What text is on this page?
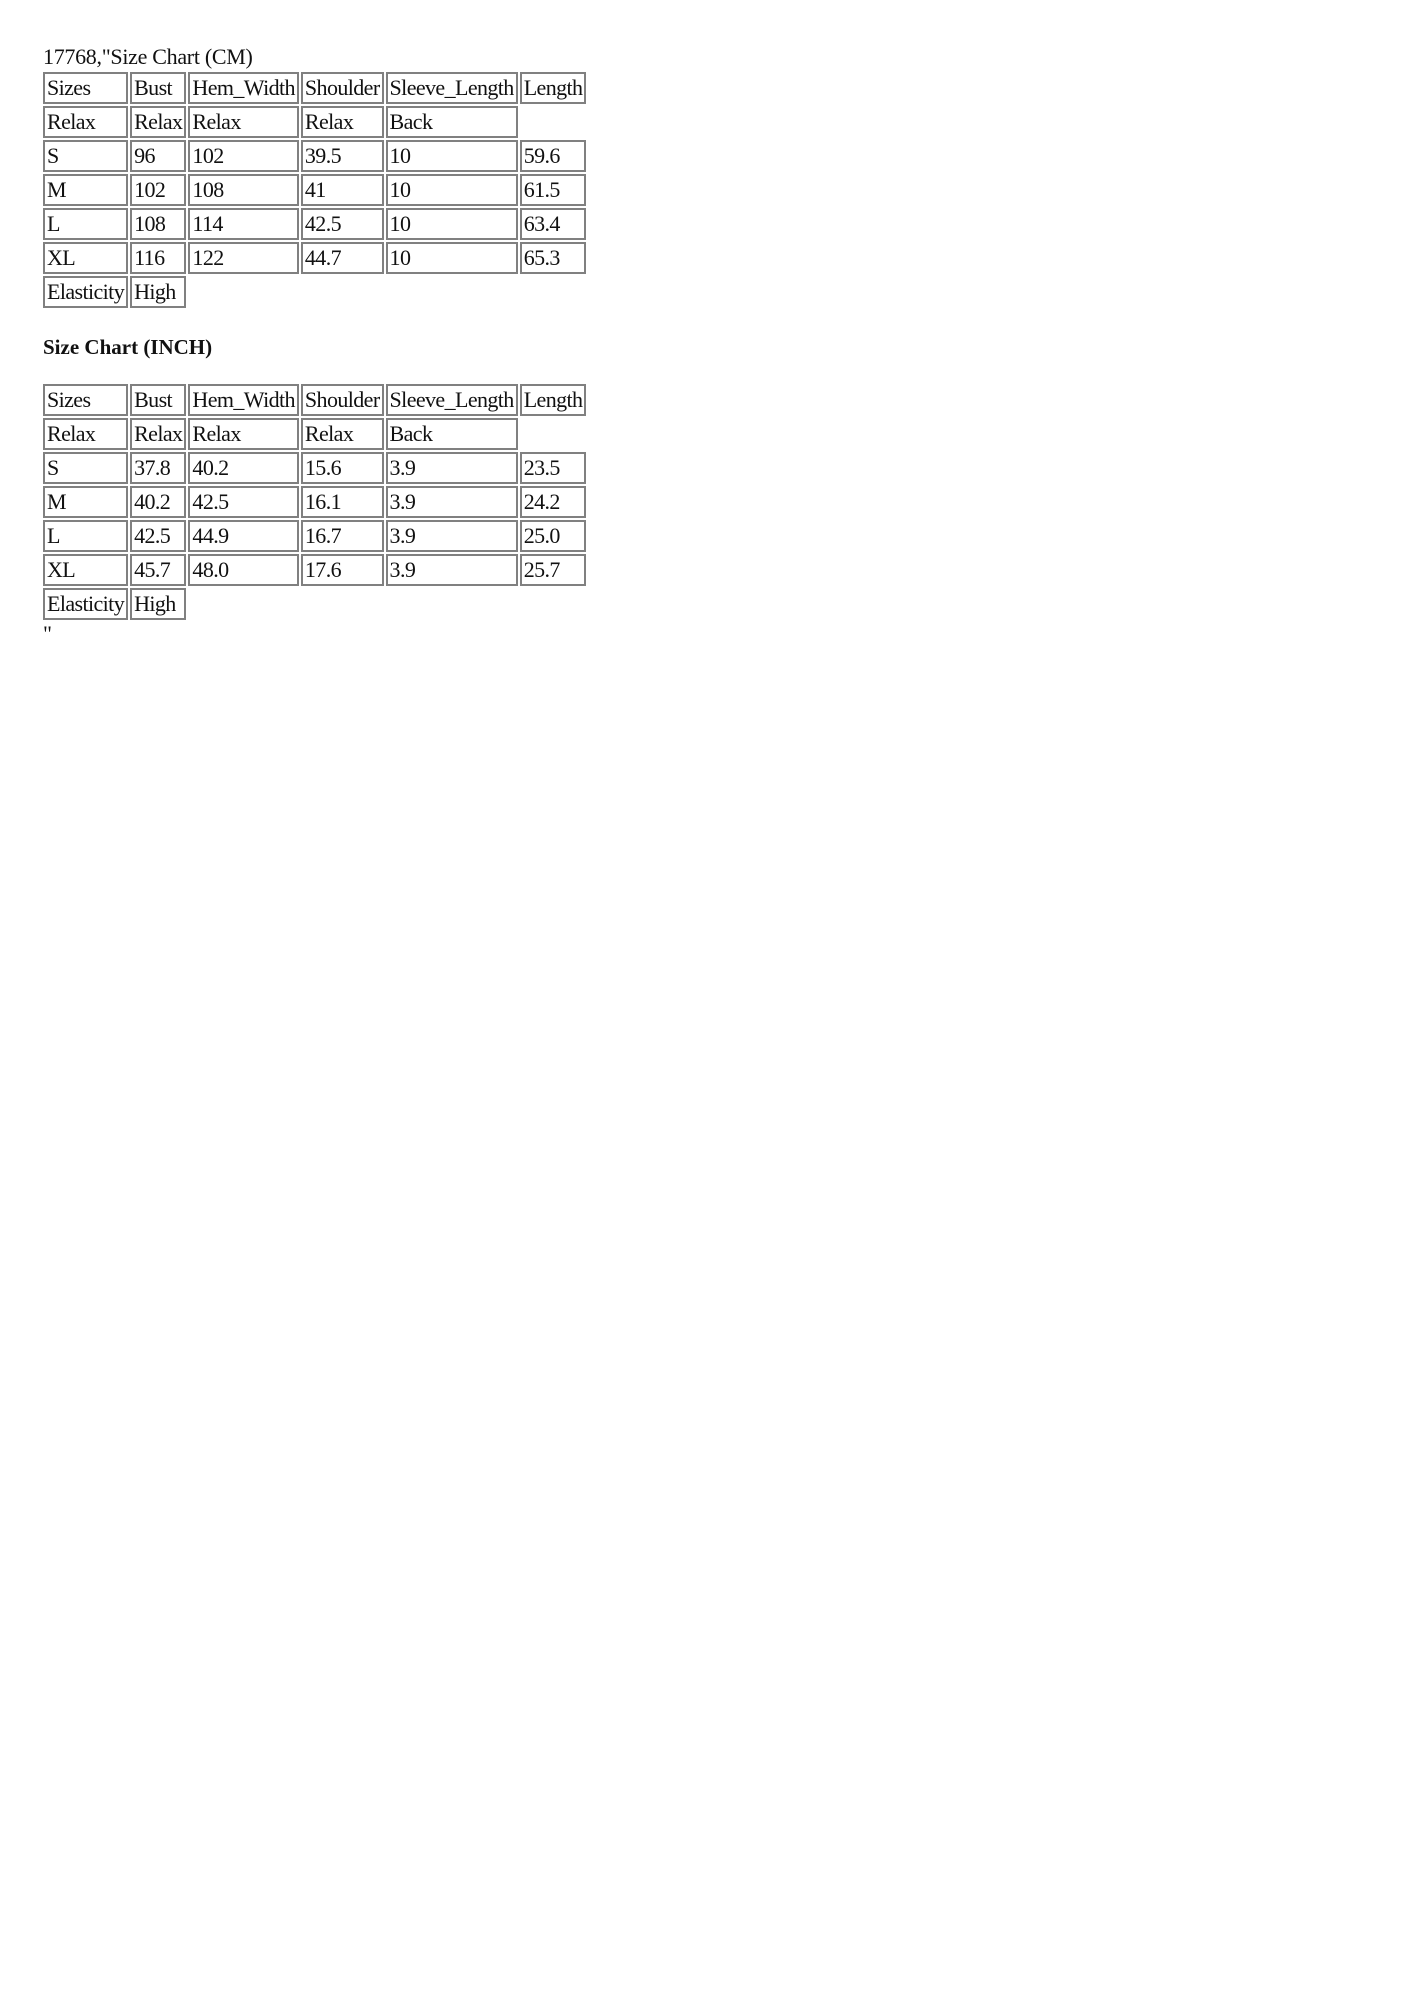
17768,"Size Chart (CM)
Sizes	Bust	Hem_Width	Shoulder	Sleeve_Length	Length
Relax	Relax	Relax	Relax	Back	
S	96	102	39.5	10	59.6
M	102	108	41	10	61.5
L	108	114	42.5	10	63.4
XL	116	122	44.7	10	65.3
Elasticity	High				
Size Chart (INCH)
Sizes	Bust	Hem_Width	Shoulder	Sleeve_Length	Length
Relax	Relax	Relax	Relax	Back	
S	37.8	40.2	15.6	3.9	23.5
M	40.2	42.5	16.1	3.9	24.2
L	42.5	44.9	16.7	3.9	25.0
XL	45.7	48.0	17.6	3.9	25.7
Elasticity	High				
"
